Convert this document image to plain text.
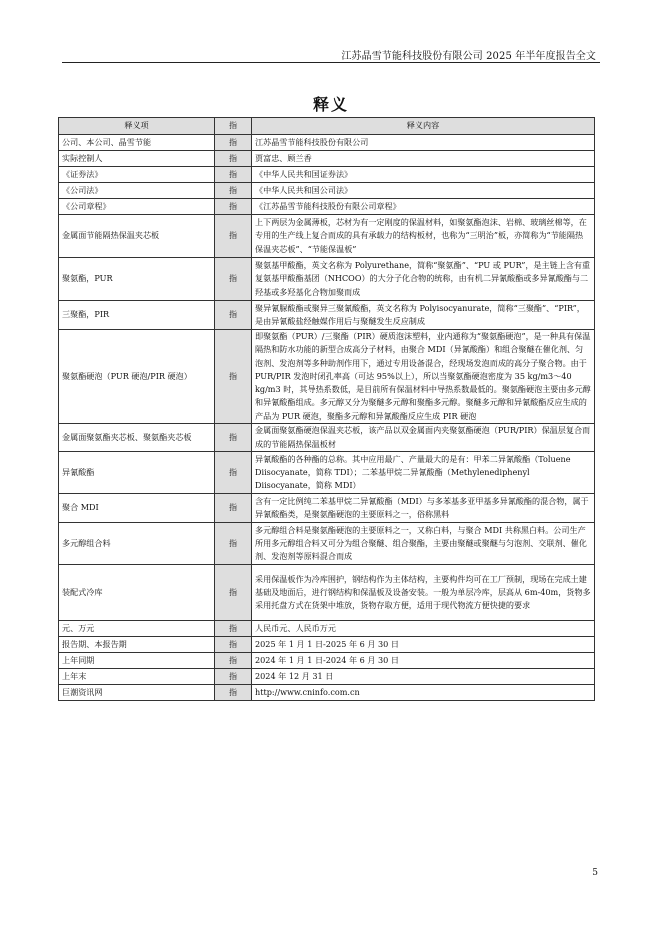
江苏晶雪节能科技股份有限公司 2025 年半年度报告全文
释义
释义项	指	释义内容
公司、本公司、晶雪节能	指	江苏晶雪节能科技股份有限公司
实际控制人	指	贾富忠、顾兰香
《证券法》	指	《中华人民共和国证券法》
《公司法》	指	《中华人民共和国公司法》
《公司章程》	指	《江苏晶雪节能科技股份有限公司章程》
金属面节能隔热保温夹芯板	指	上下两层为金属薄板，芯材为有一定刚度的保温材料，如聚氨酯泡沫、岩棉、玻璃丝棉等，在专用的生产线上复合而成的具有承载力的结构板材，也称为“三明治”板，亦简称为“节能隔热保温夹芯板”、“节能保温板”
聚氨酯，PUR	指	聚氨基甲酸酯，英文名称为 Polyurethane，简称“聚氨酯”、“PU 或 PUR”，是主链上含有重复氨基甲酸酯基团（NHCOO）的大分子化合物的统称，由有机二异氰酸酯或多异氰酸酯与二羟基或多羟基化合物加聚而成
三聚酯，PIR	指	聚异氰脲酸酯或聚异三聚氰酸酯，英文名称为 Polyisocyanurate，简称“三聚酯”、“PIR”，是由异氰酸盐经触媒作用后与聚醚发生反应制成
聚氨酯硬泡（PUR 硬泡/PIR 硬泡）	指	即聚氨酯（PUR）/三聚酯（PIR）硬质泡沫塑料，业内通称为“聚氨酯硬泡”，是一种具有保温隔热和防水功能的新型合成高分子材料，由聚合 MDI（异氰酸酯）和组合聚醚在催化剂、匀泡剂、发泡剂等多种助剂作用下，通过专用设备混合，经现场发泡而成的高分子聚合物。由于 PUR/PIR 发泡时闭孔率高（可达 95%以上），所以当聚氨酯硬泡密度为 35 kg/m3～40 kg/m3 时，其导热系数低，是目前所有保温材料中导热系数最低的。聚氨酯硬泡主要由多元醇和异氰酸酯组成。多元醇又分为聚醚多元醇和聚酯多元醇。聚醚多元醇和异氰酸酯反应生成的产品为 PUR 硬泡，聚酯多元醇和异氰酸酯反应生成 PIR 硬泡
金属面聚氨酯夹芯板、聚氨酯夹芯板	指	金属面聚氨酯硬泡保温夹芯板，该产品以双金属面内夹聚氨酯硬泡（PUR/PIR）保温层复合而成的节能隔热保温板材
异氰酸酯	指	异氰酸酯的各种酯的总称。其中应用最广、产量最大的是有：甲苯二异氰酸酯（Toluene Diisocyanate，简称 TDI）；二苯基甲烷二异氰酸酯（Methylenediphenyl Diisocyanate，简称 MDI）
聚合 MDI	指	含有一定比例纯二苯基甲烷二异氰酸酯（MDI）与多苯基多亚甲基多异氰酸酯的混合物，属于异氰酸酯类，是聚氨酯硬泡的主要原料之一，俗称黑料
多元醇组合料	指	多元醇组合料是聚氨酯硬泡的主要原料之一，又称白料，与聚合 MDI 共称黑白料。公司生产所用多元醇组合料又可分为组合聚醚、组合聚酯，主要由聚醚或聚醚与匀泡剂、交联剂、催化剂、发泡剂等原料混合而成
装配式冷库	指	采用保温板作为冷库围护，钢结构作为主体结构，主要构件均可在工厂预制，现场在完成土建基础及地面后，进行钢结构和保温板及设备安装。一般为单层冷库，层高从 6m-40m，货物多采用托盘方式在货架中堆放，货物存取方便，适用于现代物流方便快捷的要求
元、万元	指	人民币元、人民币万元
报告期、本报告期	指	2025 年 1 月 1 日-2025 年 6 月 30 日
上年同期	指	2024 年 1 月 1 日-2024 年 6 月 30 日
上年末	指	2024 年 12 月 31 日
巨潮资讯网	指	http://www.cninfo.com.cn
5
